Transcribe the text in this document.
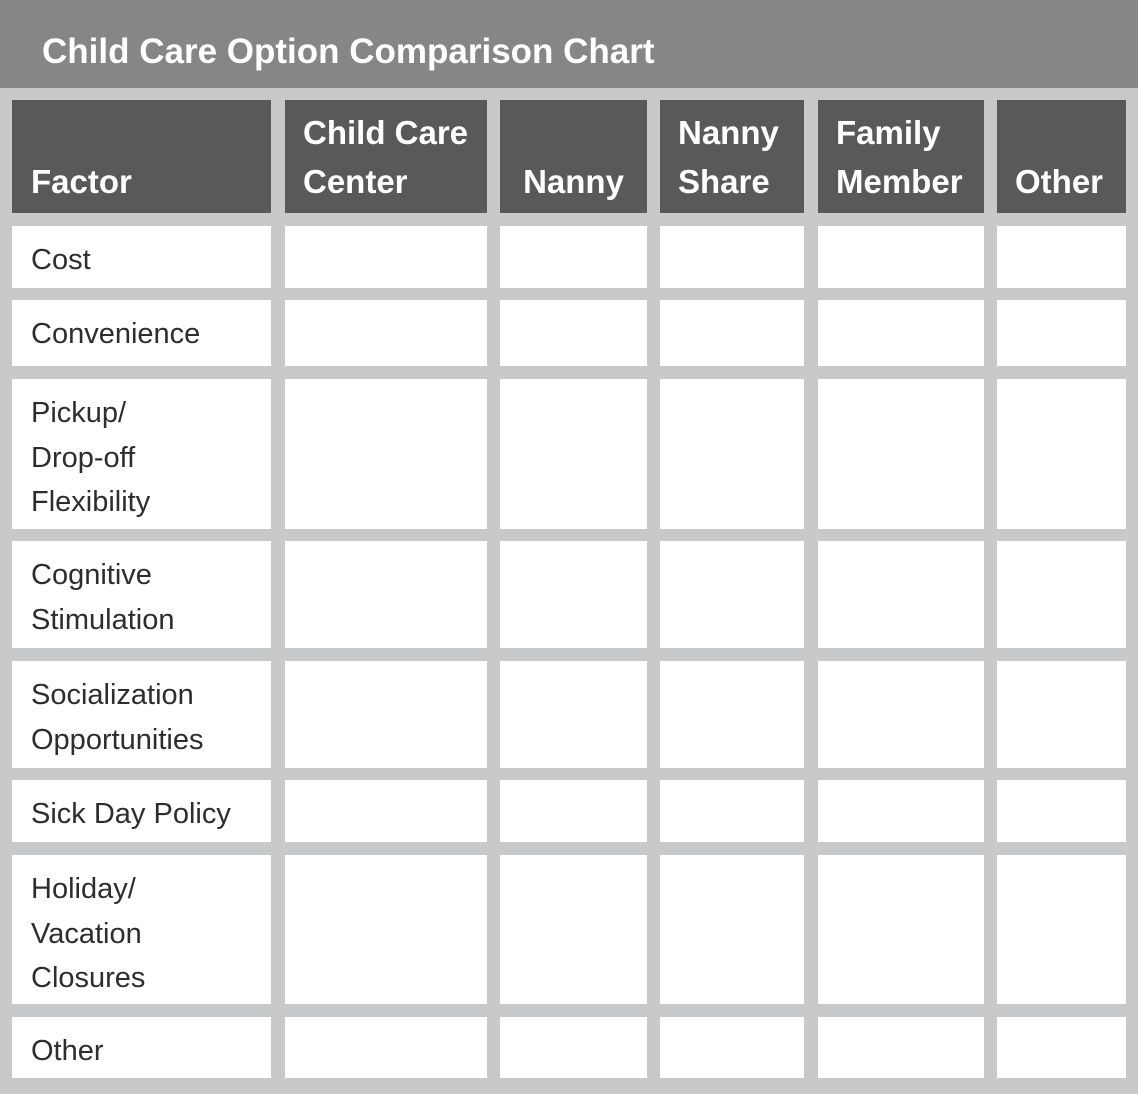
Child Care Option Comparison Chart
Factor
Child Care
Center	Nanny
Nanny
Share
Family
Member	Other
Cost
Convenience
Pickup/
Drop-off
Flexibility
Cognitive
Stimulation
Socialization
Opportunities
Sick Day Policy
Holiday/
Vacation
Closures
Other
